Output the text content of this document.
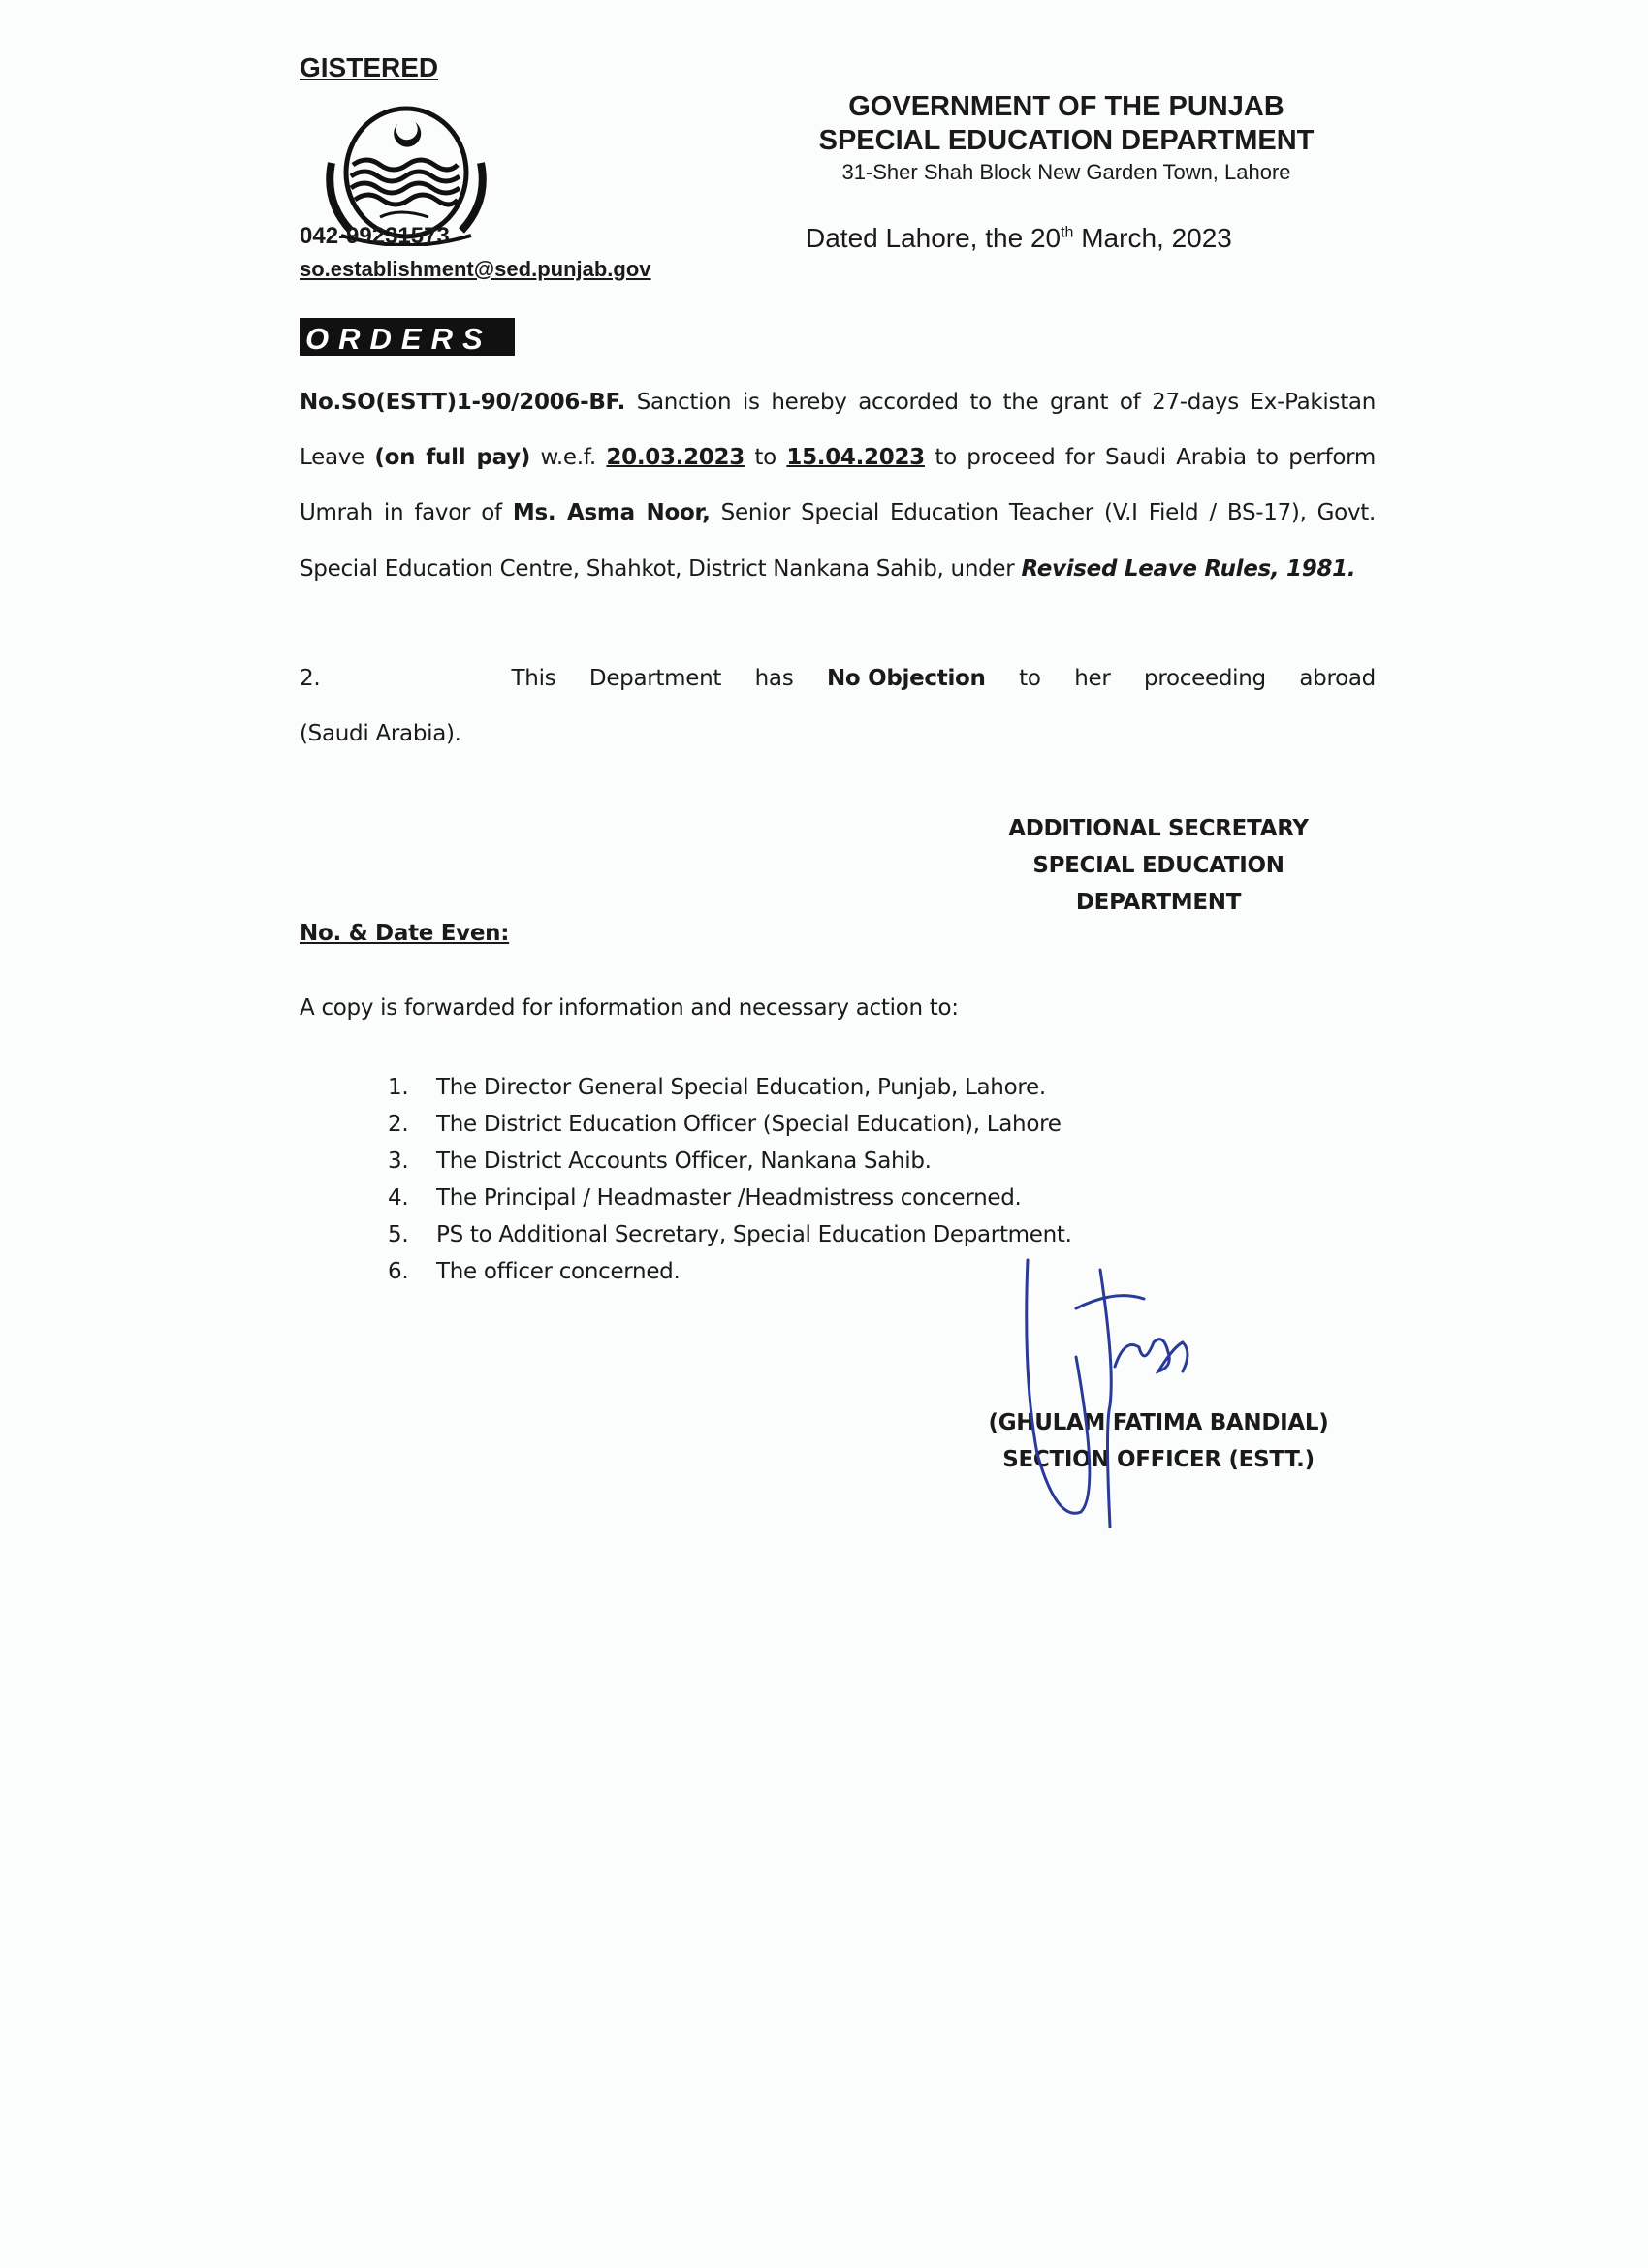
GISTERED
042-99231573
so.establishment@sed.punjab.gov
GOVERNMENT OF THE PUNJAB
SPECIAL EDUCATION DEPARTMENT
31-Sher Shah Block New Garden Town, Lahore
Dated Lahore, the 20th March, 2023
ORDERS
No.SO(ESTT)1-90/2006-BF. Sanction is hereby accorded to the grant of 27-days Ex-Pakistan Leave (on full pay) w.e.f. 20.03.2023 to 15.04.2023 to proceed for Saudi Arabia to perform Umrah in favor of Ms. Asma Noor, Senior Special Education Teacher (V.I Field / BS-17), Govt. Special Education Centre, Shahkot, District Nankana Sahib, under Revised Leave Rules, 1981.
2.	This Department has No Objection to her proceeding abroad
(Saudi Arabia).
ADDITIONAL SECRETARY
SPECIAL EDUCATION
DEPARTMENT
No. & Date Even:
A copy is forwarded for information and necessary action to:
1.	The Director General Special Education, Punjab, Lahore.
2.	The District Education Officer (Special Education), Lahore
3.	The District Accounts Officer, Nankana Sahib.
4.	The Principal / Headmaster /Headmistress concerned.
5.	PS to Additional Secretary, Special Education Department.
6.	The officer concerned.
(GHULAM FATIMA BANDIAL)
SECTION OFFICER (ESTT.)
